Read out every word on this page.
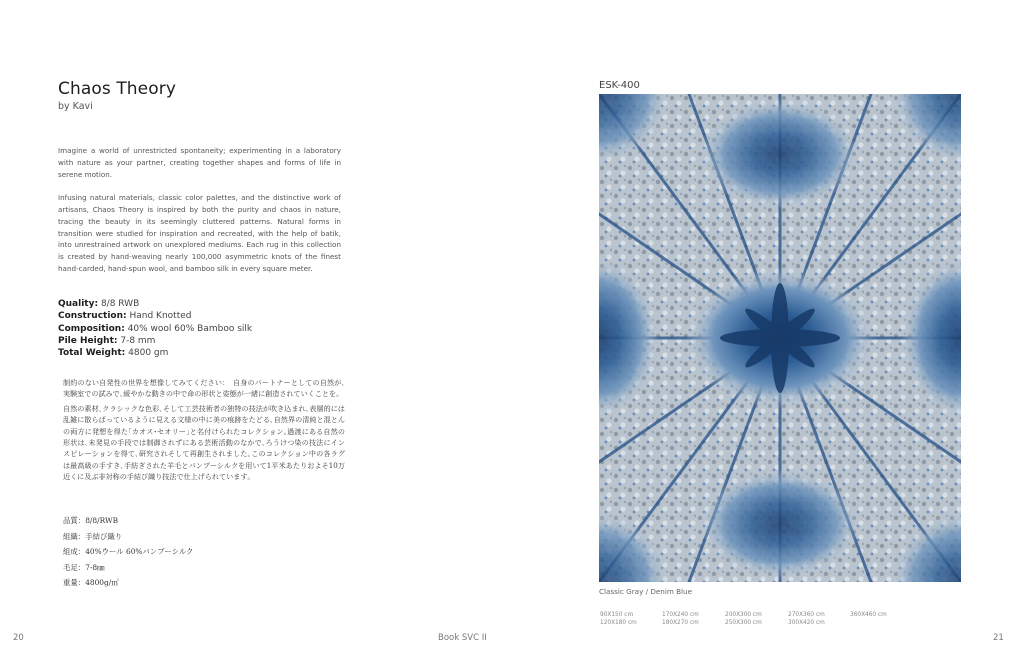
Chaos Theory
by Kavi

Imagine a world of unrestricted spontaneity; experimenting in a laboratory with nature as your partner, creating together shapes and forms of life in serene motion.

Infusing natural materials, classic color palettes, and the distinctive work of artisans, Chaos Theory is inspired by both the purity and chaos in nature, tracing the beauty in its seemingly cluttered patterns. Natural forms in transition were studied for inspiration and recreated, with the help of batik, into unrestrained artwork on unexplored mediums. Each rug in this collection is created by hand-weaving nearly 100,000 asymmetric knots of the finest hand-carded, hand-spun wool, and bamboo silk in every square meter.

Quality: 8/8 RWB
Construction: Hand Knotted
Composition: 40% wool 60% Bamboo silk
Pile Height: 7-8 mm
Total Weight: 4800 gm

制約のない自発性の世界を想像してみてください：　自身のパートナーとしての自然が､実験室での試みで､緩やかな動きの中で命の形状と姿態が一緒に創造されていくことを。

自然の素材､クラシックな色彩､そして工芸技術者の独特の技法が吹き込まれ､表層的には乱雑に散らばっているように見える文様の中に美の痕跡をたどる､自然界の清純と混とんの両方に発想を得た｢カオス･セオリー｣と名付けられたコレクション｡過渡にある自然の形状は､未発見の手段では制御されずにある芸術活動のなかで､ろうけつ染の技法にインスピレーションを得て､研究されそして再創生されました｡このコレクション中の各ラグは最高級の手すき､手紡ぎされた羊毛とバンブーシルクを用いて1平米あたりおよそ10万近くに及ぶ非対称の手結び織り技法で仕上げられています｡

品質：8/8/RWB
組織：手結び織り
組成：40%ウール 60%バンブーシルク
毛足：7-8㎜
重量：4800g/㎡
20	Book SVC II	21
ESK-400
Classic Gray / Denim Blue
90X150 cm
120X180 cm
170X240 cm
180X270 cm
200X300 cm
250X300 cm
270X360 cm
300X420 cm
360X460 cm
